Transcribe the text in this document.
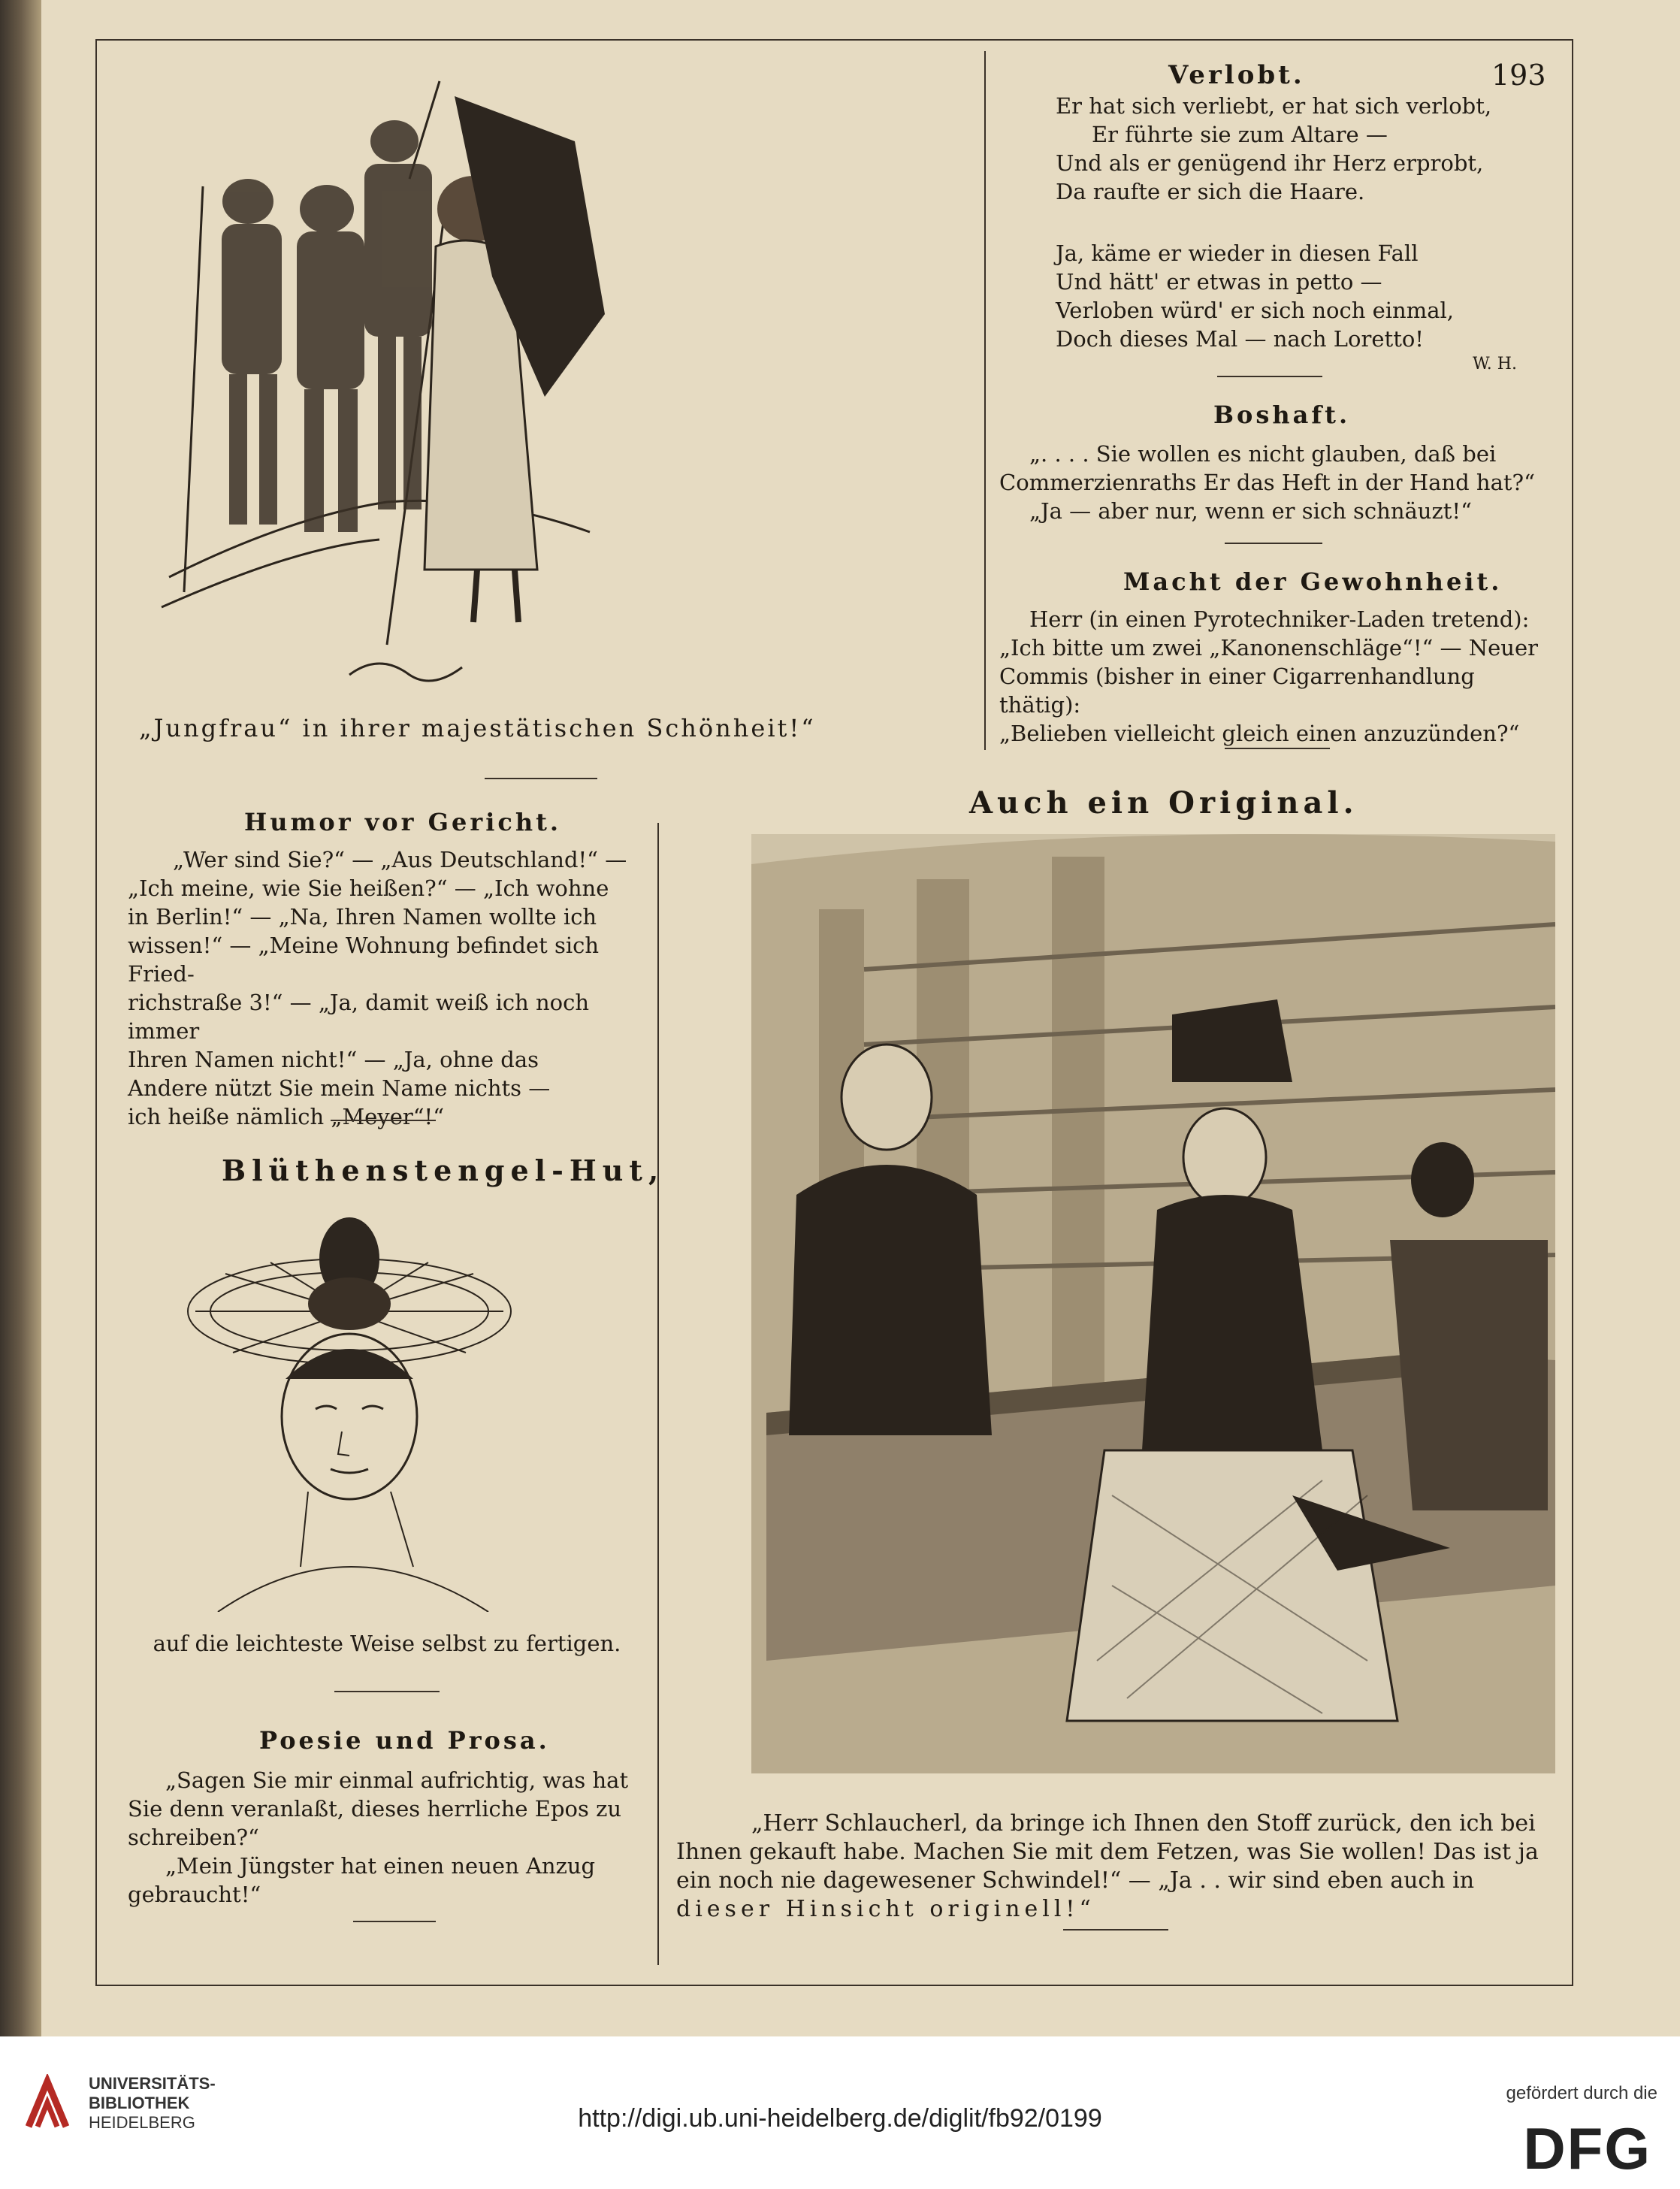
193
„Jungfrau“ in ihrer majestätischen Schönheit!“
Verlobt.

Er hat sich verliebt, er hat sich verlobt,

Er führte sie zum Altare —

Und als er genügend ihr Herz erprobt,

Da raufte er sich die Haare.

Ja, käme er wieder in diesen Fall

Und hätt' er etwas in petto —

Verloben würd' er sich noch einmal,

Doch dieses Mal — nach Loretto!

W. H.
Boshaft.

„. . . . Sie wollen es nicht glauben, daß bei

Commerzienraths Er das Heft in der Hand hat?“

„Ja — aber nur, wenn er sich schnäuzt!“

Macht der Gewohnheit.

Herr (in einen Pyrotechniker-Laden tretend):

„Ich bitte um zwei „Kanonenschläge“!“ — Neuer

Commis (bisher in einer Cigarrenhandlung thätig):

„Belieben vielleicht gleich einen anzuzünden?“

Humor vor Gericht.

„Wer sind Sie?“ — „Aus Deutschland!“ —

„Ich meine, wie Sie heißen?“ — „Ich wohne

in Berlin!“ — „Na, Ihren Namen wollte ich

wissen!“ — „Meine Wohnung befindet sich Fried-

richstraße 3!“ — „Ja, damit weiß ich noch immer

Ihren Namen nicht!“ — „Ja, ohne das

Andere nützt Sie mein Name nichts —

ich heiße nämlich „Meyer“!“

Blüthenstengel-Hut,
auf die leichteste Weise selbst zu fertigen.
Poesie und Prosa.

„Sagen Sie mir einmal aufrichtig, was hat

Sie denn veranlaßt, dieses herrliche Epos zu

schreiben?“

„Mein Jüngster hat einen neuen Anzug

gebraucht!“

Auch ein Original.

„Herr Schlaucherl, da bringe ich Ihnen den Stoff zurück, den ich bei

Ihnen gekauft habe. Machen Sie mit dem Fetzen, was Sie wollen! Das ist ja

ein noch nie dagewesener Schwindel!“ — „Ja . . wir sind eben auch in

dieser Hinsicht originell!“

UNIVERSITÄTS-
BIBLIOTHEK
HEIDELBERG	http://digi.ub.uni-heidelberg.de/diglit/fb92/0199
gefördert durch die
DFG
